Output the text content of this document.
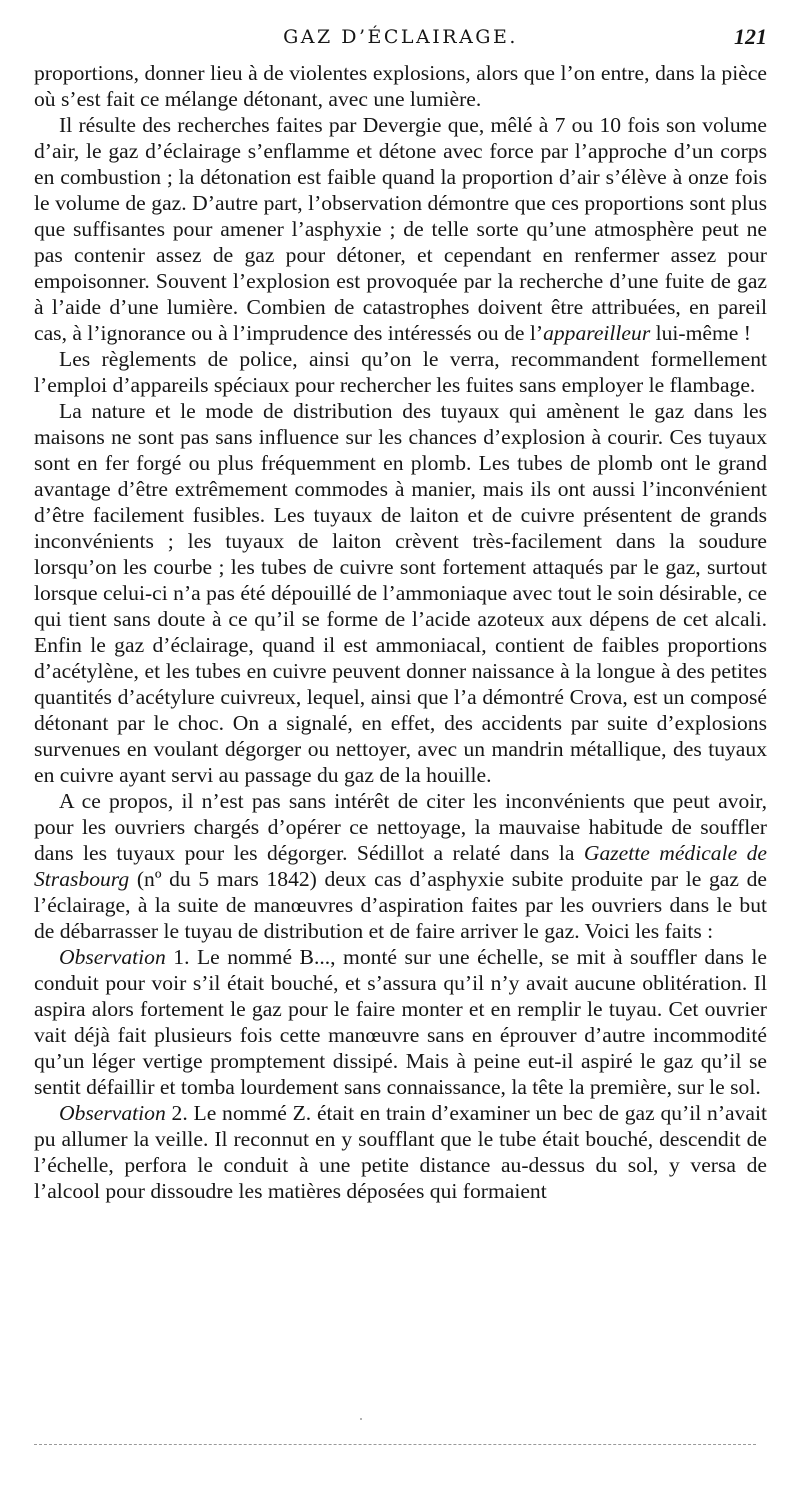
GAZ D’ÉCLAIRAGE.	121

proportions, donner lieu à de violentes explosions, alors que l’on entre, dans la pièce où s’est fait ce mélange détonant, avec une lumière.

Il résulte des recherches faites par Devergie que, mêlé à 7 ou 10 fois son volume d’air, le gaz d’éclairage s’enflamme et détone avec force par l’approche d’un corps en combustion ; la détonation est faible quand la proportion d’air s’élève à onze fois le volume de gaz. D’autre part, l’observation démontre que ces proportions sont plus que suffisantes pour amener l’asphyxie ; de telle sorte qu’une atmosphère peut ne pas contenir assez de gaz pour détoner, et cependant en renfermer assez pour empoisonner. Souvent l’explosion est provoquée par la recherche d’une fuite de gaz à l’aide d’une lumière. Combien de catastrophes doivent être attribuées, en pareil cas, à l’ignorance ou à l’imprudence des intéressés ou de l’appareilleur lui-même !

Les règlements de police, ainsi qu’on le verra, recommandent formellement l’emploi d’appareils spéciaux pour rechercher les fuites sans employer le flambage.

La nature et le mode de distribution des tuyaux qui amènent le gaz dans les maisons ne sont pas sans influence sur les chances d’explosion à courir. Ces tuyaux sont en fer forgé ou plus fréquemment en plomb. Les tubes de plomb ont le grand avantage d’être extrêmement commodes à manier, mais ils ont aussi l’inconvénient d’être facilement fusibles. Les tuyaux de laiton et de cuivre présentent de grands inconvénients ; les tuyaux de laiton crèvent très-facilement dans la soudure lorsqu’on les courbe ; les tubes de cuivre sont fortement attaqués par le gaz, surtout lorsque celui-ci n’a pas été dépouillé de l’ammoniaque avec tout le soin désirable, ce qui tient sans doute à ce qu’il se forme de l’acide azoteux aux dépens de cet alcali. Enfin le gaz d’éclairage, quand il est ammoniacal, contient de faibles proportions d’acétylène, et les tubes en cuivre peuvent donner naissance à la longue à des petites quantités d’acétylure cuivreux, lequel, ainsi que l’a démontré Crova, est un composé détonant par le choc. On a signalé, en effet, des accidents par suite d’explosions survenues en voulant dégorger ou nettoyer, avec un mandrin métallique, des tuyaux en cuivre ayant servi au passage du gaz de la houille.

A ce propos, il n’est pas sans intérêt de citer les inconvénients que peut avoir, pour les ouvriers chargés d’opérer ce nettoyage, la mauvaise habitude de souffler dans les tuyaux pour les dégorger. Sédillot a relaté dans la Gazette médicale de Strasbourg (nº du 5 mars 1842) deux cas d’asphyxie subite produite par le gaz de l’éclairage, à la suite de manœuvres d’aspiration faites par les ouvriers dans le but de débarrasser le tuyau de distribution et de faire arriver le gaz. Voici les faits :

Observation 1. Le nommé B..., monté sur une échelle, se mit à souffler dans le conduit pour voir s’il était bouché, et s’assura qu’il n’y avait aucune oblitération. Il aspira alors fortement le gaz pour le faire monter et en remplir le tuyau. Cet ouvrier vait déjà fait plusieurs fois cette manœuvre sans en éprouver d’autre incommodité qu’un léger vertige promptement dissipé. Mais à peine eut-il aspiré le gaz qu’il se sentit défaillir et tomba lourdement sans connaissance, la tête la première, sur le sol.

Observation 2. Le nommé Z. était en train d’examiner un bec de gaz qu’il n’avait pu allumer la veille. Il reconnut en y soufflant que le tube était bouché, descendit de l’échelle, perfora le conduit à une petite distance au-dessus du sol, y versa de l’alcool pour dissoudre les matières déposées qui formaient
